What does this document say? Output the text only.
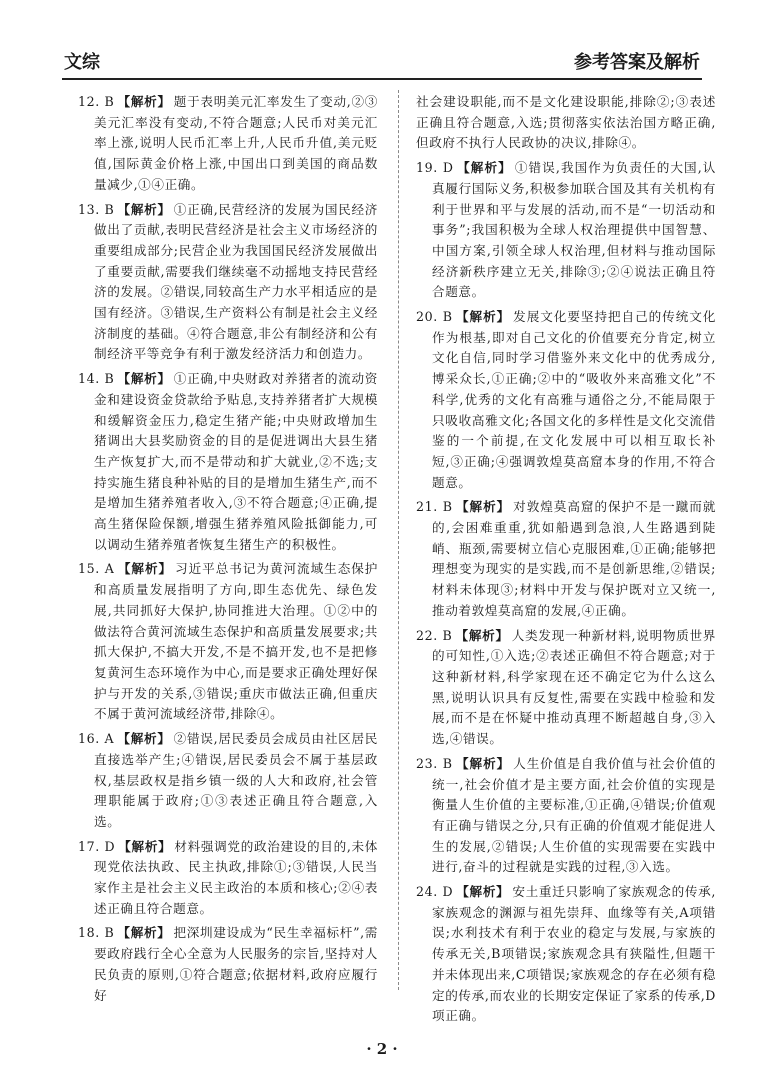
文综	参考答案及解析

12. B 【解析】 题于表明美元汇率发生了变动,②③美元汇率没有变动,不符合题意;人民币对美元汇率上涨,说明人民币汇率上升,人民币升值,美元贬值,国际黄金价格上涨,中国出口到美国的商品数量减少,①④正确。

13. B 【解析】 ①正确,民营经济的发展为国民经济做出了贡献,表明民营经济是社会主义市场经济的重要组成部分;民营企业为我国国民经济发展做出了重要贡献,需要我们继续毫不动摇地支持民营经济的发展。②错误,同较高生产力水平相适应的是国有经济。③错误,生产资料公有制是社会主义经济制度的基础。④符合题意,非公有制经济和公有制经济平等竞争有利于激发经济活力和创造力。

14. B 【解析】 ①正确,中央财政对养猪者的流动资金和建设资金贷款给予贴息,支持养猪者扩大规模和缓解资金压力,稳定生猪产能;中央财政增加生猪调出大县奖励资金的目的是促进调出大县生猪生产恢复扩大,而不是带动和扩大就业,②不选;支持实施生猪良种补贴的目的是增加生猪生产,而不是增加生猪养殖者收入,③不符合题意;④正确,提高生猪保险保额,增强生猪养殖风险抵御能力,可以调动生猪养殖者恢复生猪生产的积极性。

15. A 【解析】 习近平总书记为黄河流域生态保护和高质量发展指明了方向,即生态优先、绿色发展,共同抓好大保护,协同推进大治理。①②中的做法符合黄河流域生态保护和高质量发展要求;共抓大保护,不搞大开发,不是不搞开发,也不是把修复黄河生态环境作为中心,而是要求正确处理好保护与开发的关系,③错误;重庆市做法正确,但重庆不属于黄河流域经济带,排除④。

16. A 【解析】 ②错误,居民委员会成员由社区居民直接选举产生;④错误,居民委员会不属于基层政权,基层政权是指乡镇一级的人大和政府,社会管理职能属于政府;①③表述正确且符合题意,入选。

17. D 【解析】 材料强调党的政治建设的目的,未体现党依法执政、民主执政,排除①;③错误,人民当家作主是社会主义民主政治的本质和核心;②④表述正确且符合题意。

18. B 【解析】 把深圳建设成为“民生幸福标杆”,需要政府践行全心全意为人民服务的宗旨,坚持对人民负责的原则,①符合题意;依据材料,政府应履行好

社会建设职能,而不是文化建设职能,排除②;③表述正确且符合题意,入选;贯彻落实依法治国方略正确,但政府不执行人民政协的决议,排除④。

19. D 【解析】 ①错误,我国作为负责任的大国,认真履行国际义务,积极参加联合国及其有关机构有利于世界和平与发展的活动,而不是“一切活动和事务”;我国积极为全球人权治理提供中国智慧、中国方案,引领全球人权治理,但材料与推动国际经济新秩序建立无关,排除③;②④说法正确且符合题意。

20. B 【解析】 发展文化要坚持把自己的传统文化作为根基,即对自己文化的价值要充分肯定,树立文化自信,同时学习借鉴外来文化中的优秀成分,博采众长,①正确;②中的“吸收外来高雅文化”不科学,优秀的文化有高雅与通俗之分,不能局限于只吸收高雅文化;各国文化的多样性是文化交流借鉴的一个前提,在文化发展中可以相互取长补短,③正确;④强调敦煌莫高窟本身的作用,不符合题意。

21. B 【解析】 对敦煌莫高窟的保护不是一蹴而就的,会困难重重,犹如船遇到急浪,人生路遇到陡峭、瓶颈,需要树立信心克服困难,①正确;能够把理想变为现实的是实践,而不是创新思维,②错误;材料未体现③;材料中开发与保护既对立又统一,推动着敦煌莫高窟的发展,④正确。

22. B 【解析】 人类发现一种新材料,说明物质世界的可知性,①入选;②表述正确但不符合题意;对于这种新材料,科学家现在还不确定它为什么这么黑,说明认识具有反复性,需要在实践中检验和发展,而不是在怀疑中推动真理不断超越自身,③入选,④错误。

23. B 【解析】 人生价值是自我价值与社会价值的统一,社会价值才是主要方面,社会价值的实现是衡量人生价值的主要标准,①正确,④错误;价值观有正确与错误之分,只有正确的价值观才能促进人生的发展,②错误;人生价值的实现需要在实践中进行,奋斗的过程就是实践的过程,③入选。

24. D 【解析】 安土重迁只影响了家族观念的传承,家族观念的渊源与祖先崇拜、血缘等有关,A项错误;水利技术有利于农业的稳定与发展,与家族的传承无关,B项错误;家族观念具有狭隘性,但题干并未体现出来,C项错误;家族观念的存在必须有稳定的传承,而农业的长期安定保证了家系的传承,D项正确。

· 2 ·
